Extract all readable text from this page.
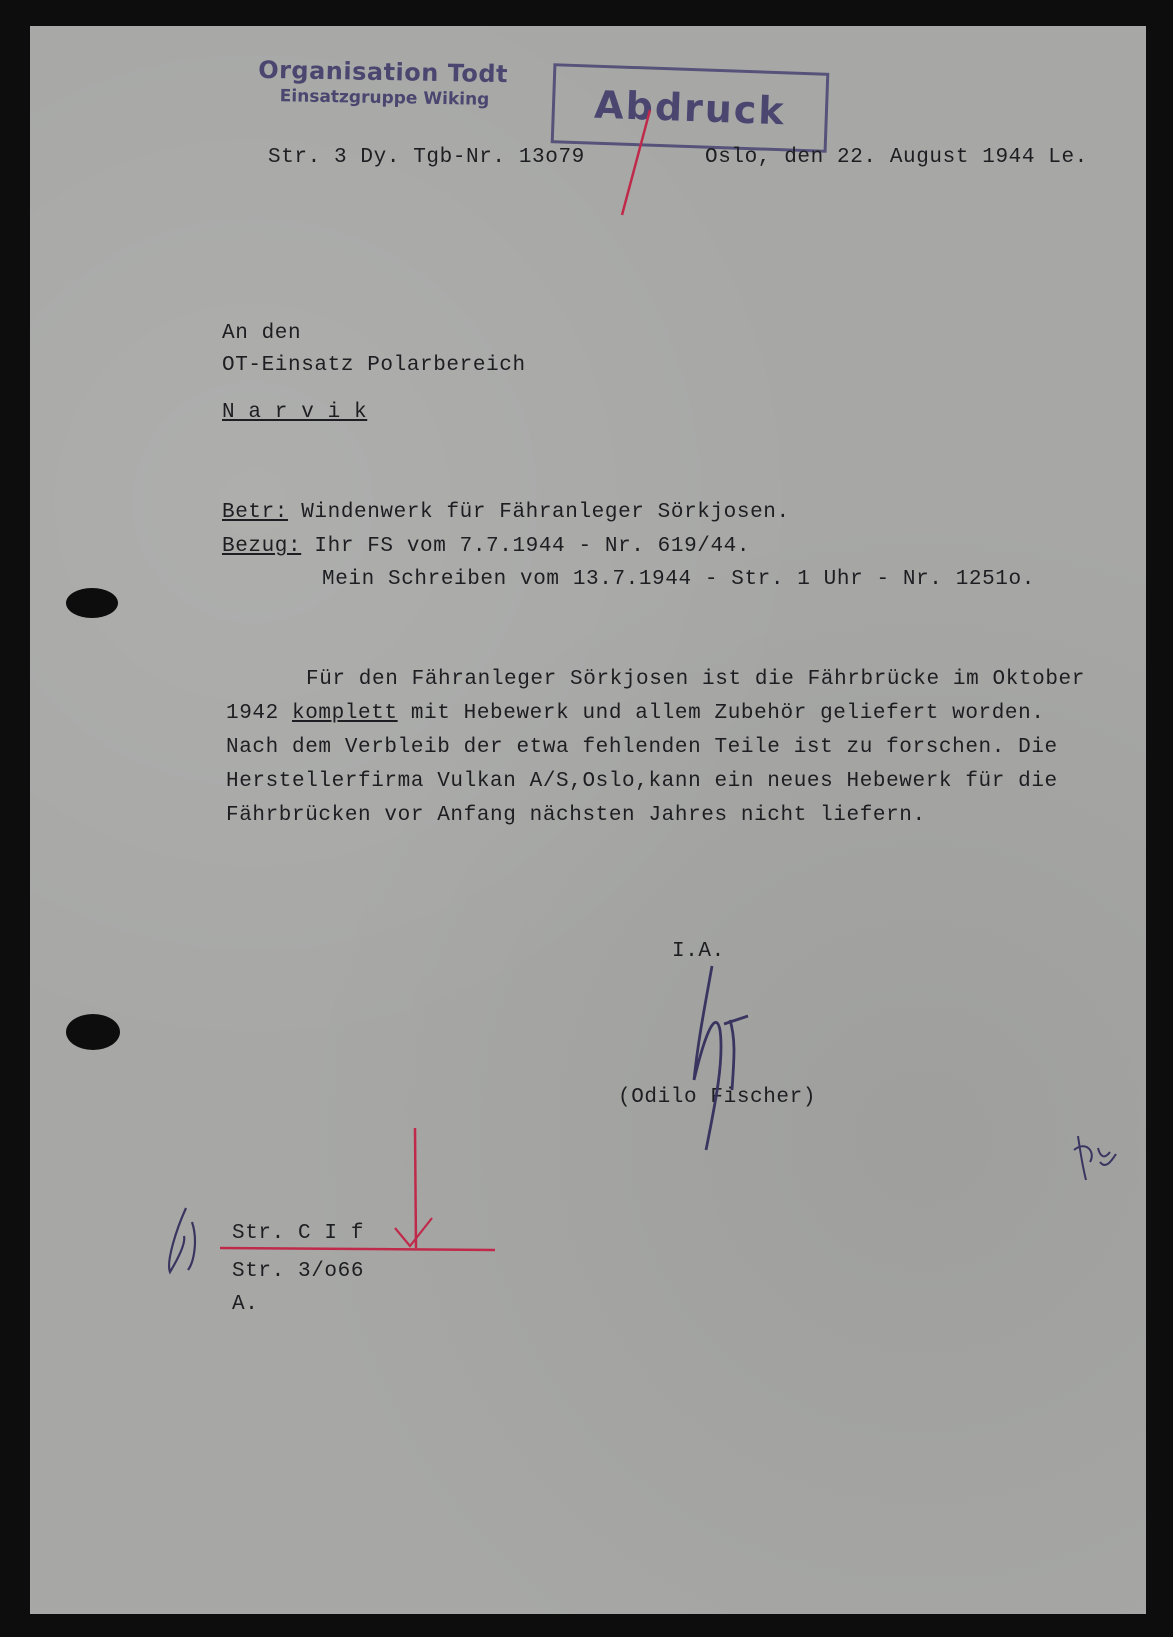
Organisation Todt
Einsatzgruppe Wiking	Abdruck
Str. 3 Dy. Tgb-Nr. 13o79	Oslo, den 22. August 1944 Le.
An den
OT-Einsatz Polarbereich
N a r v i k
Betr: Windenwerk für Fähranleger Sörkjosen.
Bezug: Ihr FS vom 7.7.1944 - Nr. 619/44.
Mein Schreiben vom 13.7.1944 - Str. 1 Uhr - Nr. 1251o.
Für den Fähranleger Sörkjosen ist die Fährbrücke im Oktober
1942 komplett mit Hebewerk und allem Zubehör geliefert worden.
Nach dem Verbleib der etwa fehlenden Teile ist zu forschen. Die
Herstellerfirma Vulkan A/S,Oslo,kann ein neues Hebewerk für die
Fährbrücken vor Anfang nächsten Jahres nicht liefern.
I.A.
(Odilo Fischer)
Str. C I f
Str. 3/o66
A.
